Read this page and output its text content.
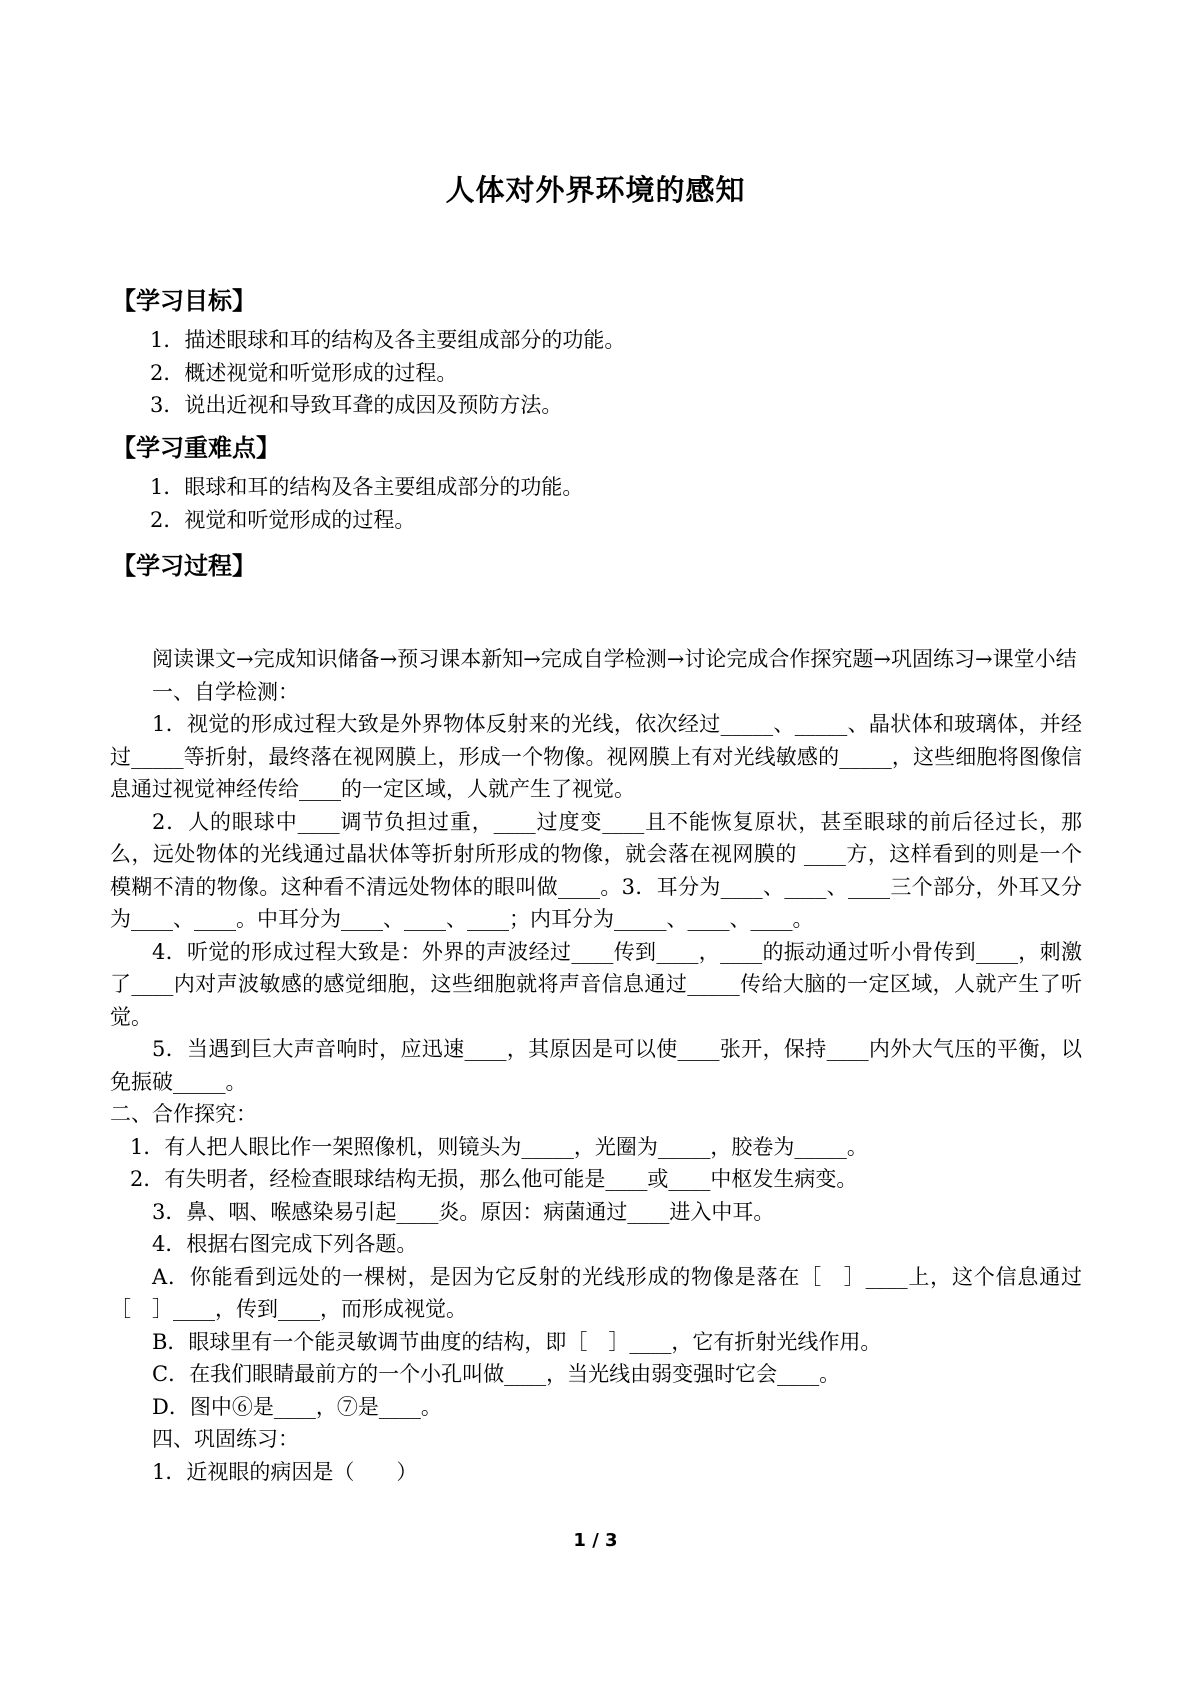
人体对外界环境的感知
【学习目标】
1．描述眼球和耳的结构及各主要组成部分的功能。
2．概述视觉和听觉形成的过程。
3．说出近视和导致耳聋的成因及预防方法。
【学习重难点】
1．眼球和耳的结构及各主要组成部分的功能。
2．视觉和听觉形成的过程。
【学习过程】

阅读课文→完成知识储备→预习课本新知→完成自学检测→讨论完成合作探究题→巩固练习→课堂小结

一、自学检测：

1．视觉的形成过程大致是外界物体反射来的光线，依次经过_____、_____、晶状体和玻璃体，并经过_____等折射，最终落在视网膜上，形成一个物像。视网膜上有对光线敏感的_____，这些细胞将图像信息通过视觉神经传给____的一定区域，人就产生了视觉。

2．人的眼球中____调节负担过重，____过度变____且不能恢复原状，甚至眼球的前后径过长，那么，远处物体的光线通过晶状体等折射所形成的物像，就会落在视网膜的 ____方，这样看到的则是一个模糊不清的物像。这种看不清远处物体的眼叫做____。3．耳分为____、____、____三个部分，外耳又分为____、____。中耳分为____、____、____；内耳分为_____、____、____。

4．听觉的形成过程大致是：外界的声波经过____传到____，____的振动通过听小骨传到____，刺激了____内对声波敏感的感觉细胞，这些细胞就将声音信息通过_____传给大脑的一定区域，人就产生了听觉。

5．当遇到巨大声音响时，应迅速____，其原因是可以使____张开，保持____内外大气压的平衡，以免振破_____。

二、合作探究：

1．有人把人眼比作一架照像机，则镜头为_____，光圈为_____，胶卷为_____。

2．有失明者，经检查眼球结构无损，那么他可能是____或____中枢发生病变。

3．鼻、咽、喉感染易引起____炎。原因：病菌通过____进入中耳。

4．根据右图完成下列各题。

A．你能看到远处的一棵树，是因为它反射的光线形成的物像是落在［　］____上，这个信息通过［　］____，传到____，而形成视觉。

B．眼球里有一个能灵敏调节曲度的结构，即［　］____，它有折射光线作用。

C．在我们眼睛最前方的一个小孔叫做____，当光线由弱变强时它会____。

D．图中⑥是____，⑦是____。

四、巩固练习：

1．近视眼的病因是（　　）

1 / 3
